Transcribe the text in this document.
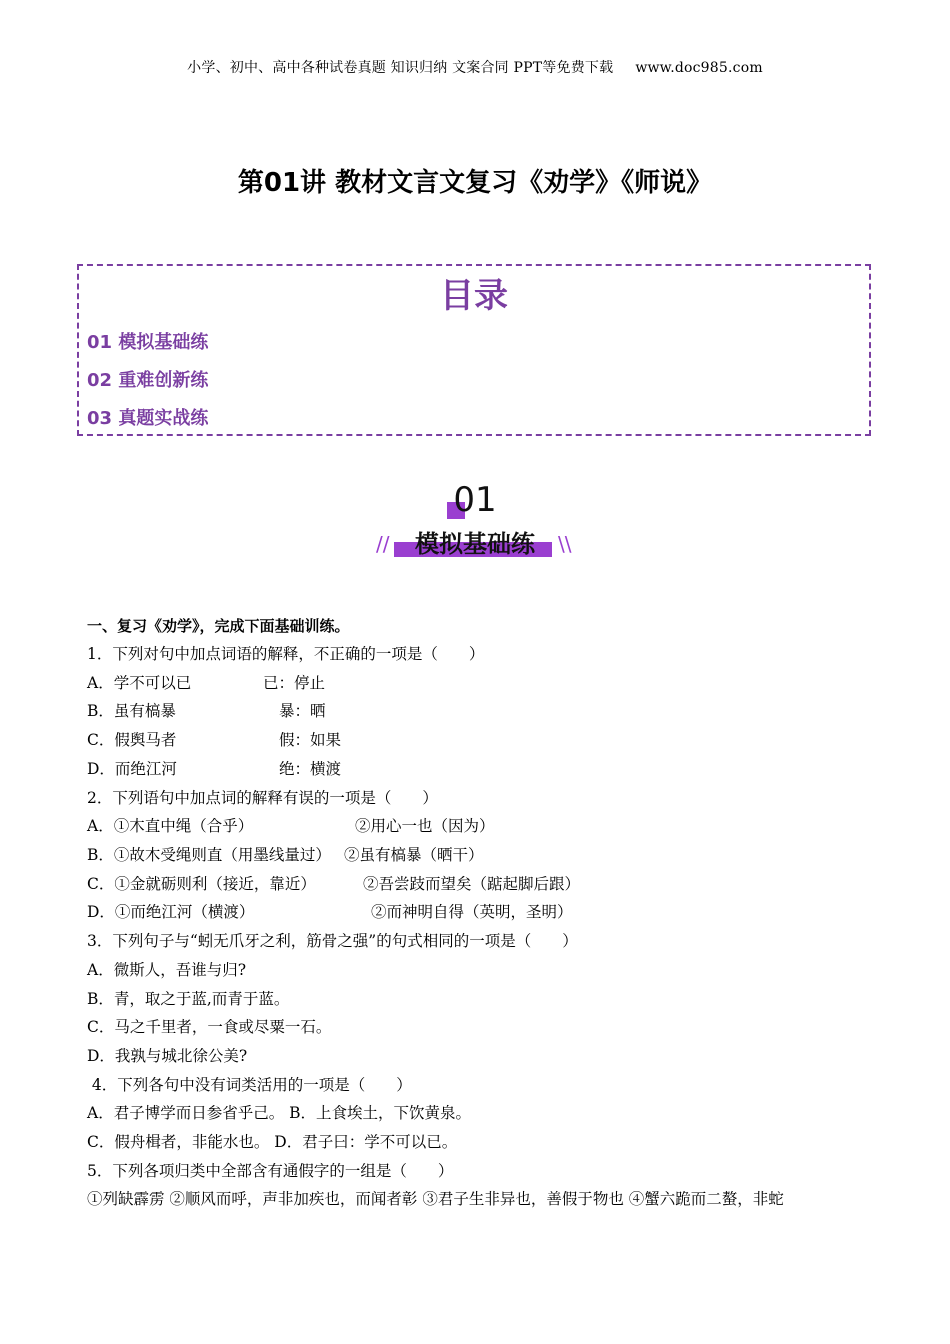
小学、初中、高中各种试卷真题 知识归纳 文案合同 PPT等免费下载 www.doc985.com
第01讲 教材文言文复习《劝学》《师说》
目录
01 模拟基础练
02 重难创新练
03 真题实战练
01
模拟基础练
//	\\
一、复习《劝学》，完成下面基础训练。
1．下列对句中加点词语的解释，不正确的一项是（　　）
A．学不可以已	已：停止
B．虽有槁暴	暴：晒
C．假舆马者	假：如果
D．而绝江河	绝：横渡
2．下列语句中加点词的解释有误的一项是（　　）
A．①木直中绳（合乎）	②用心一也（因为）
B．①故木受绳则直（用墨线量过） ②虽有槁暴（晒干）
C．①金就砺则利（接近，靠近）	②吾尝跂而望矣（踮起脚后跟）
D．①而绝江河（横渡）	②而神明自得（英明，圣明）
3．下列句子与“蚓无爪牙之利，筋骨之强”的句式相同的一项是（　　）
A．微斯人，吾谁与归?
B．青，取之于蓝,而青于蓝。
C．马之千里者，一食或尽粟一石。
D．我孰与城北徐公美?
4．下列各句中没有词类活用的一项是（　　）
A．君子博学而日参省乎己。 B．上食埃土，下饮黄泉。
C．假舟楫者，非能水也。 D．君子曰：学不可以已。
5．下列各项归类中全部含有通假字的一组是（　　）
①列缺霹雳 ②顺风而呼，声非加疾也，而闻者彰 ③君子生非异也，善假于物也 ④蟹六跪而二螯，非蛇
